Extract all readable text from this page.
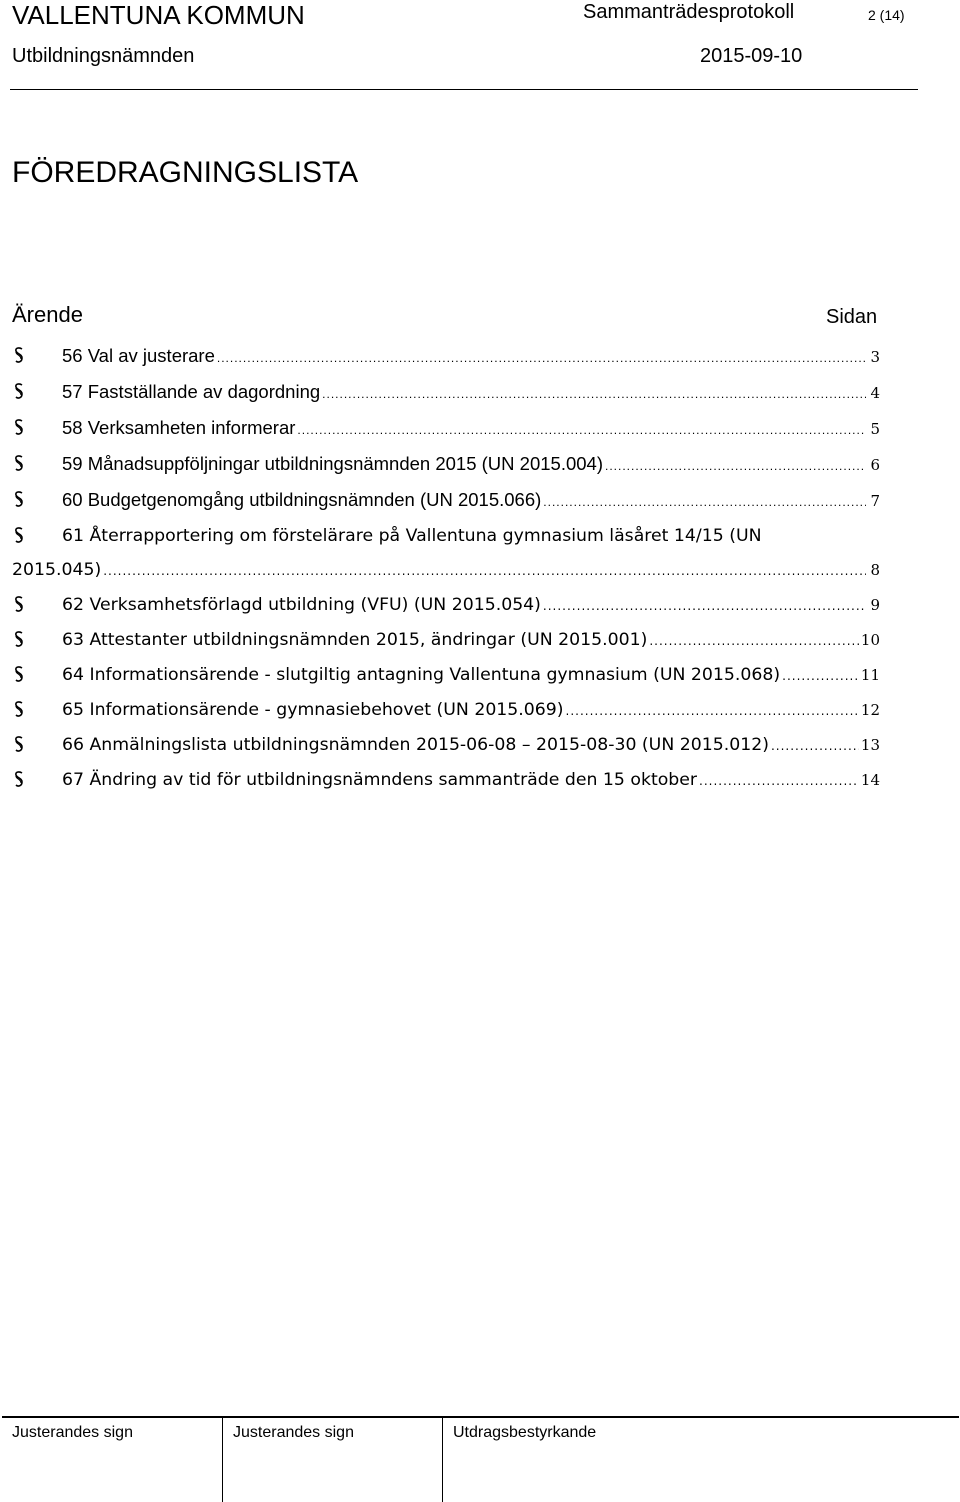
VALLENTUNA KOMMUN	Sammanträdesprotokoll	2 (14)
Utbildningsnämnden	2015-09-10
FÖREDRAGNINGSLISTA
Ärende	Sidan
56 Val av justerare .....	3
57 Fastställande av dagordning .....	4
58 Verksamheten informerar .....	5
59 Månadsuppföljningar utbildningsnämnden 2015 (UN 2015.004) .....	6
60 Budgetgenomgång utbildningsnämnden (UN 2015.066) .....	7
61 Återrapportering om förstelärare på Vallentuna gymnasium läsåret 14/15 (UN
2015.045) .....	8
62 Verksamhetsförlagd utbildning (VFU) (UN 2015.054) .....	9
63 Attestanter utbildningsnämnden 2015, ändringar (UN 2015.001) .....	10
64 Informationsärende - slutgiltig antagning Vallentuna gymnasium (UN 2015.068) .....	11
65 Informationsärende - gymnasiebehovet (UN 2015.069) .....	12
66 Anmälningslista utbildningsnämnden 2015-06-08 – 2015-08-30 (UN 2015.012) .....	13
67 Ändring av tid för utbildningsnämndens sammanträde den 15 oktober .....	14
Justerandes sign	Justerandes sign	Utdragsbestyrkande
